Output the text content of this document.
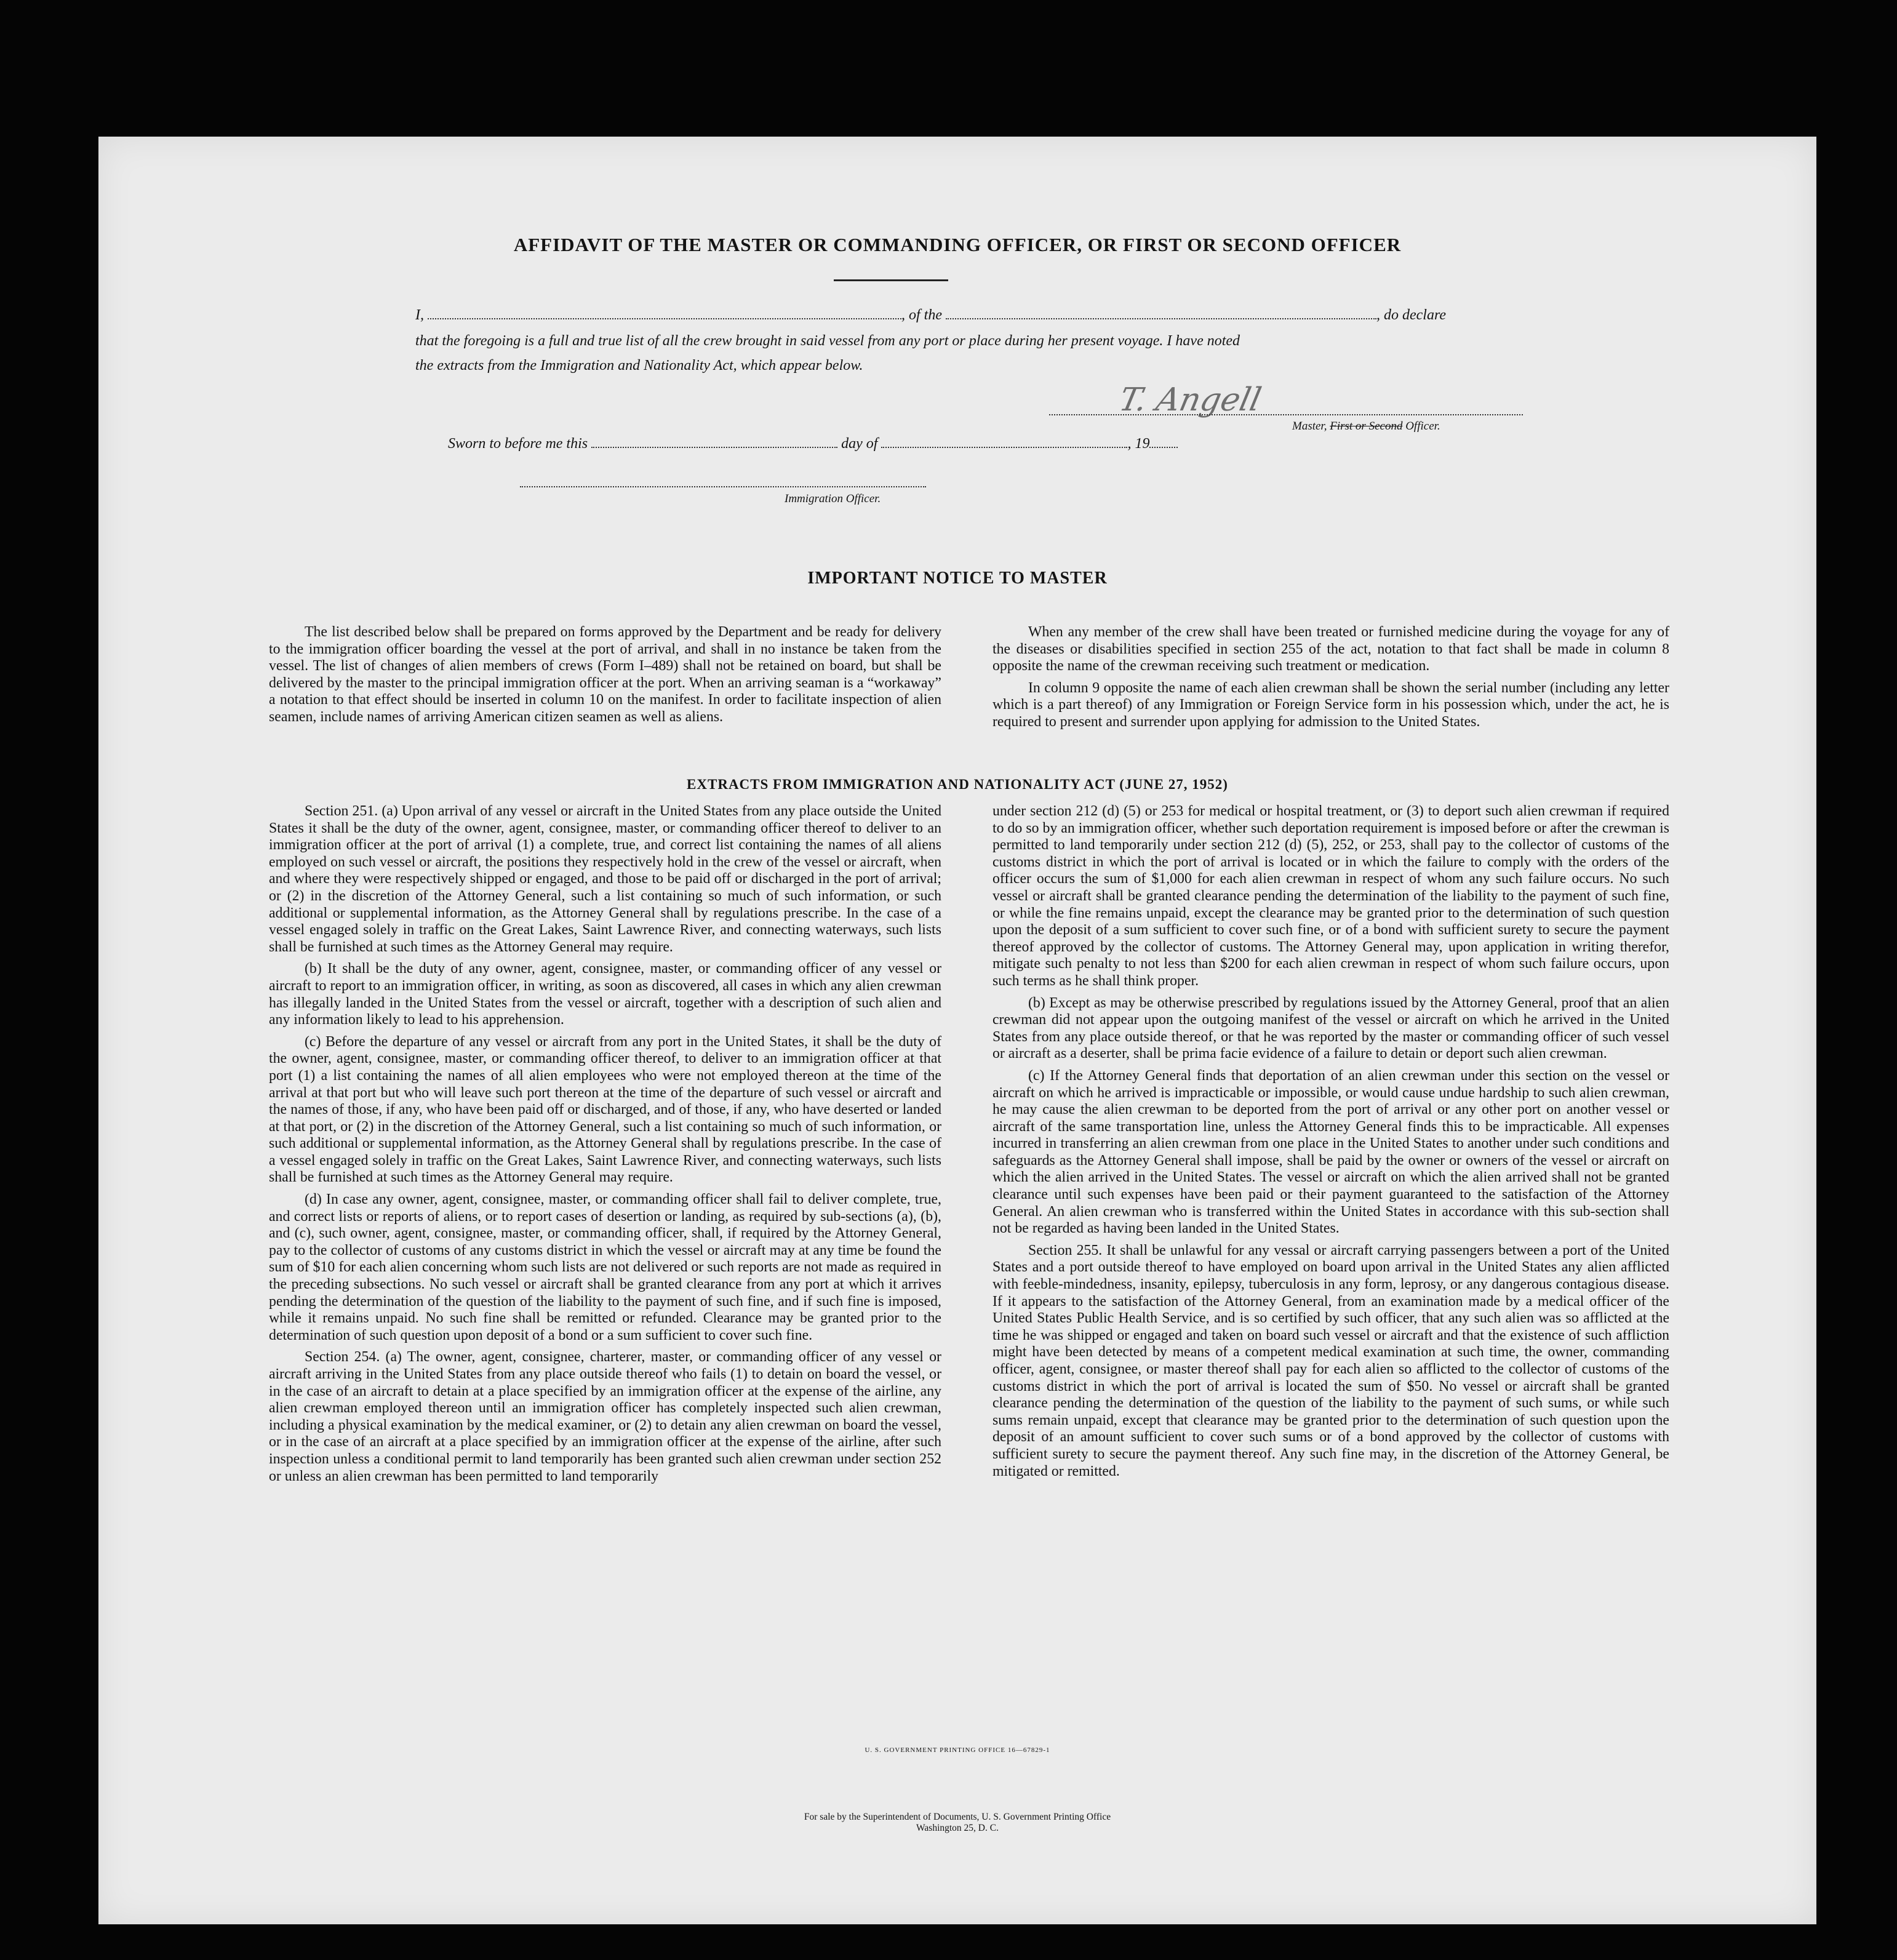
AFFIDAVIT OF THE MASTER OR COMMANDING OFFICER, OR FIRST OR SECOND OFFICER
I,	, of the	, do declare
that the foregoing is a full and true list of all the crew brought in said vessel from any port or place during her present voyage. I have noted
the extracts from the Immigration and Nationality Act, which appear below.
T. Angell
Master, First or Second Officer.
Sworn to before me this	day of	, 19
Immigration Officer.
IMPORTANT NOTICE TO MASTER

The list described below shall be prepared on forms approved by the Department and be ready for delivery to the immigration officer boarding the vessel at the port of arrival, and shall in no instance be taken from the vessel. The list of changes of alien members of crews (Form I–489) shall not be retained on board, but shall be delivered by the master to the principal immigration officer at the port. When an arriving seaman is a “workaway” a notation to that effect should be inserted in column 10 on the manifest. In order to facilitate inspection of alien seamen, include names of arriving American citizen seamen as well as aliens.

When any member of the crew shall have been treated or furnished medicine during the voyage for any of the diseases or disabilities specified in section 255 of the act, notation to that fact shall be made in column 8 opposite the name of the crewman receiving such treatment or medication.

In column 9 opposite the name of each alien crewman shall be shown the serial number (including any letter which is a part thereof) of any Immigration or Foreign Service form in his possession which, under the act, he is required to present and surrender upon applying for admission to the United States.

EXTRACTS FROM IMMIGRATION AND NATIONALITY ACT (JUNE 27, 1952)

Section 251. (a) Upon arrival of any vessel or aircraft in the United States from any place outside the United States it shall be the duty of the owner, agent, consignee, master, or commanding officer thereof to deliver to an immigration officer at the port of arrival (1) a complete, true, and correct list containing the names of all aliens employed on such vessel or aircraft, the positions they respectively hold in the crew of the vessel or aircraft, when and where they were respectively shipped or engaged, and those to be paid off or discharged in the port of arrival; or (2) in the discretion of the Attorney General, such a list containing so much of such information, or such additional or supplemental information, as the Attorney General shall by regulations prescribe. In the case of a vessel engaged solely in traffic on the Great Lakes, Saint Lawrence River, and connecting waterways, such lists shall be furnished at such times as the Attorney General may require.

(b) It shall be the duty of any owner, agent, consignee, master, or commanding officer of any vessel or aircraft to report to an immigration officer, in writing, as soon as discovered, all cases in which any alien crewman has illegally landed in the United States from the vessel or aircraft, together with a description of such alien and any information likely to lead to his apprehension.

(c) Before the departure of any vessel or aircraft from any port in the United States, it shall be the duty of the owner, agent, consignee, master, or commanding officer thereof, to deliver to an immigration officer at that port (1) a list containing the names of all alien employees who were not employed thereon at the time of the arrival at that port but who will leave such port thereon at the time of the departure of such vessel or aircraft and the names of those, if any, who have been paid off or discharged, and of those, if any, who have deserted or landed at that port, or (2) in the discretion of the Attorney General, such a list containing so much of such information, or such additional or supplemental information, as the Attorney General shall by regulations prescribe. In the case of a vessel engaged solely in traffic on the Great Lakes, Saint Lawrence River, and connecting waterways, such lists shall be furnished at such times as the Attorney General may require.

(d) In case any owner, agent, consignee, master, or commanding officer shall fail to deliver complete, true, and correct lists or reports of aliens, or to report cases of desertion or landing, as required by sub-sections (a), (b), and (c), such owner, agent, consignee, master, or commanding officer, shall, if required by the Attorney General, pay to the collector of customs of any customs district in which the vessel or aircraft may at any time be found the sum of $10 for each alien concerning whom such lists are not delivered or such reports are not made as required in the preceding subsections. No such vessel or aircraft shall be granted clearance from any port at which it arrives pending the determination of the question of the liability to the payment of such fine, and if such fine is imposed, while it remains unpaid. No such fine shall be remitted or refunded. Clearance may be granted prior to the determination of such question upon deposit of a bond or a sum sufficient to cover such fine.

Section 254. (a) The owner, agent, consignee, charterer, master, or commanding officer of any vessel or aircraft arriving in the United States from any place outside thereof who fails (1) to detain on board the vessel, or in the case of an aircraft to detain at a place specified by an immigration officer at the expense of the airline, any alien crewman employed thereon until an immigration officer has completely inspected such alien crewman, including a physical examination by the medical examiner, or (2) to detain any alien crewman on board the vessel, or in the case of an aircraft at a place specified by an immigration officer at the expense of the airline, after such inspection unless a conditional permit to land temporarily has been granted such alien crewman under section 252 or unless an alien crewman has been permitted to land temporarily

under section 212 (d) (5) or 253 for medical or hospital treatment, or (3) to deport such alien crewman if required to do so by an immigration officer, whether such deportation requirement is imposed before or after the crewman is permitted to land temporarily under section 212 (d) (5), 252, or 253, shall pay to the collector of customs of the customs district in which the port of arrival is located or in which the failure to comply with the orders of the officer occurs the sum of $1,000 for each alien crewman in respect of whom any such failure occurs. No such vessel or aircraft shall be granted clearance pending the determination of the liability to the payment of such fine, or while the fine remains unpaid, except the clearance may be granted prior to the determination of such question upon the deposit of a sum sufficient to cover such fine, or of a bond with sufficient surety to secure the payment thereof approved by the collector of customs. The Attorney General may, upon application in writing therefor, mitigate such penalty to not less than $200 for each alien crewman in respect of whom such failure occurs, upon such terms as he shall think proper.

(b) Except as may be otherwise prescribed by regulations issued by the Attorney General, proof that an alien crewman did not appear upon the outgoing manifest of the vessel or aircraft on which he arrived in the United States from any place outside thereof, or that he was reported by the master or commanding officer of such vessel or aircraft as a deserter, shall be prima facie evidence of a failure to detain or deport such alien crewman.

(c) If the Attorney General finds that deportation of an alien crewman under this section on the vessel or aircraft on which he arrived is impracticable or impossible, or would cause undue hardship to such alien crewman, he may cause the alien crewman to be deported from the port of arrival or any other port on another vessel or aircraft of the same transportation line, unless the Attorney General finds this to be impracticable. All expenses incurred in transferring an alien crewman from one place in the United States to another under such conditions and safeguards as the Attorney General shall impose, shall be paid by the owner or owners of the vessel or aircraft on which the alien arrived in the United States. The vessel or aircraft on which the alien arrived shall not be granted clearance until such expenses have been paid or their payment guaranteed to the satisfaction of the Attorney General. An alien crewman who is transferred within the United States in accordance with this sub-section shall not be regarded as having been landed in the United States.

Section 255. It shall be unlawful for any vessal or aircraft carrying passengers between a port of the United States and a port outside thereof to have employed on board upon arrival in the United States any alien afflicted with feeble-mindedness, insanity, epilepsy, tuberculosis in any form, leprosy, or any dangerous contagious disease. If it appears to the satisfaction of the Attorney General, from an examination made by a medical officer of the United States Public Health Service, and is so certified by such officer, that any such alien was so afflicted at the time he was shipped or engaged and taken on board such vessel or aircraft and that the existence of such affliction might have been detected by means of a competent medical examination at such time, the owner, commanding officer, agent, consignee, or master thereof shall pay for each alien so afflicted to the collector of customs of the customs district in which the port of arrival is located the sum of $50. No vessel or aircraft shall be granted clearance pending the determination of the question of the liability to the payment of such sums, or while such sums remain unpaid, except that clearance may be granted prior to the determination of such question upon the deposit of an amount sufficient to cover such sums or of a bond approved by the collector of customs with sufficient surety to secure the payment thereof. Any such fine may, in the discretion of the Attorney General, be mitigated or remitted.

U. S. GOVERNMENT PRINTING OFFICE 16—67829-1
For sale by the Superintendent of Documents, U. S. Government Printing Office
Washington 25, D. C.
